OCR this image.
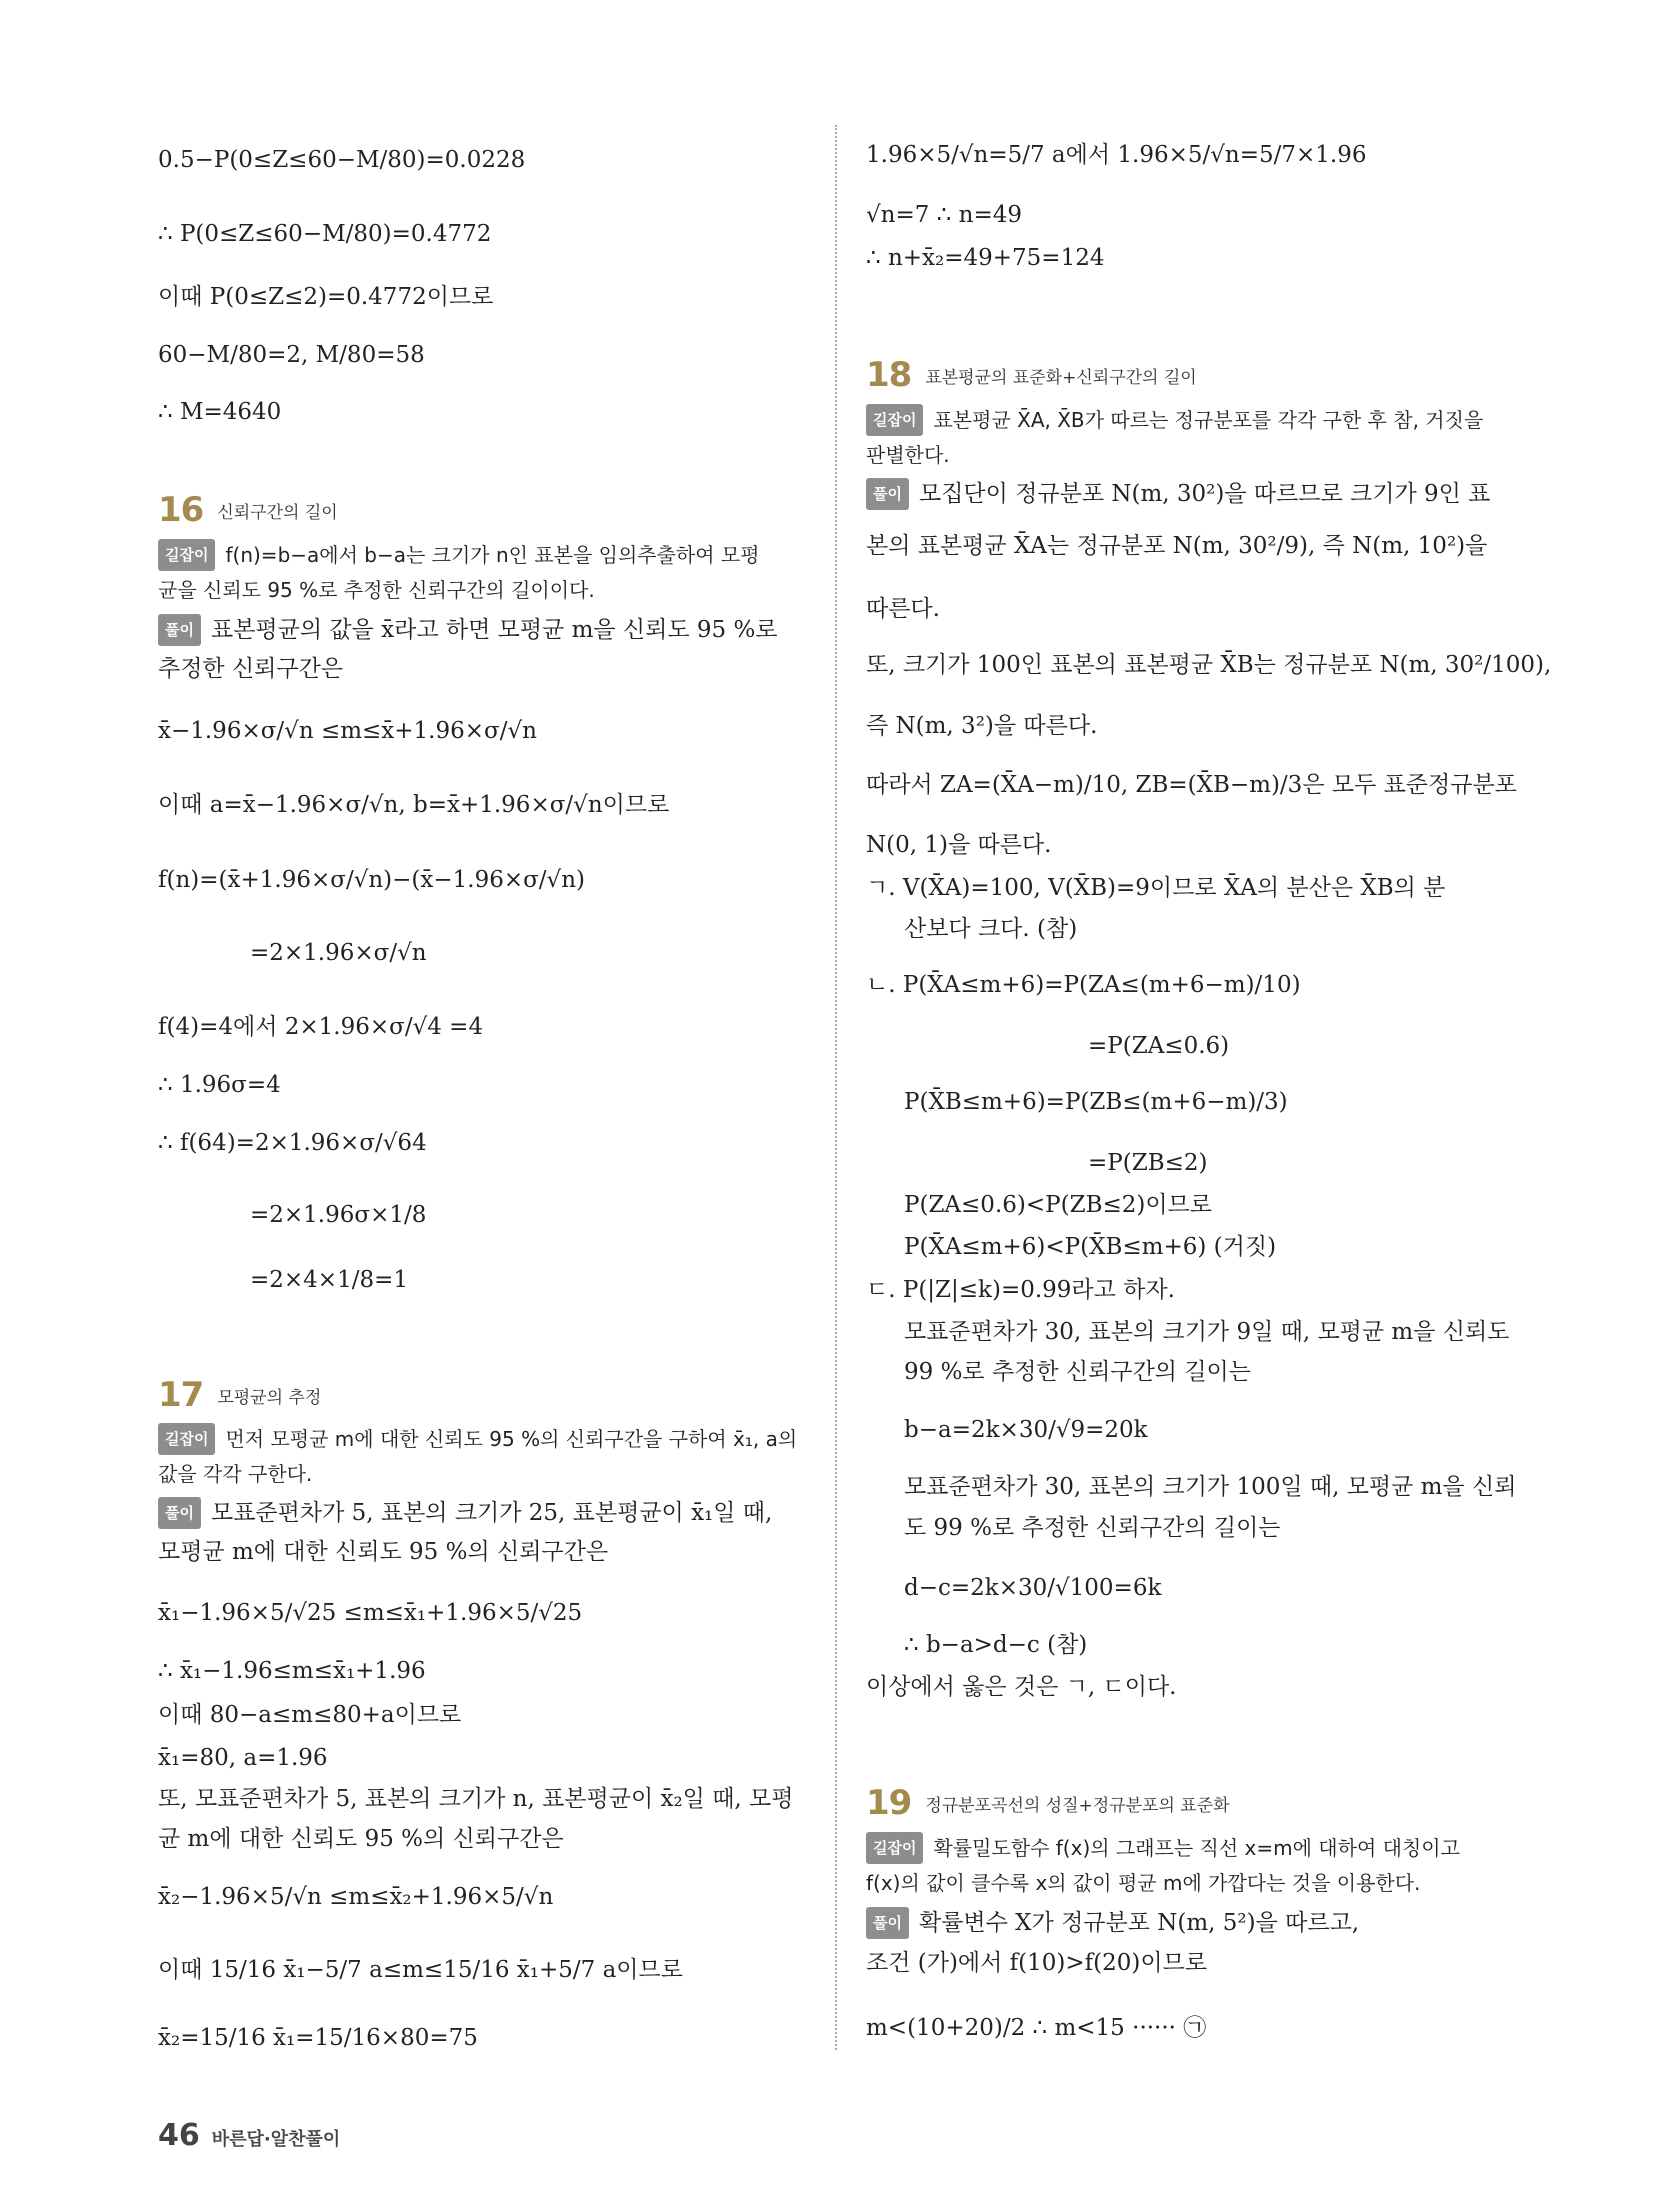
0.5−P(0≤Z≤60−M/80)=0.0228
∴ P(0≤Z≤60−M/80)=0.4772
이때 P(0≤Z≤2)=0.4772이므로
60−M/80=2, M/80=58
∴ M=4640
16 신뢰구간의 길이
길잡이 f(n)=b−a에서 b−a는 크기가 n인 표본을 임의추출하여 모평
균을 신뢰도 95 %로 추정한 신뢰구간의 길이이다.
풀이 표본평균의 값을 x̄라고 하면 모평균 m을 신뢰도 95 %로
추정한 신뢰구간은
x̄−1.96×σ/√n ≤m≤x̄+1.96×σ/√n
이때 a=x̄−1.96×σ/√n, b=x̄+1.96×σ/√n이므로
f(n)=(x̄+1.96×σ/√n)−(x̄−1.96×σ/√n)
=2×1.96×σ/√n
f(4)=4에서 2×1.96×σ/√4 =4
∴ 1.96σ=4
∴ f(64)=2×1.96×σ/√64
=2×1.96σ×1/8
=2×4×1/8=1
17 모평균의 추정
길잡이 먼저 모평균 m에 대한 신뢰도 95 %의 신뢰구간을 구하여 x̄₁, a의
값을 각각 구한다.
풀이 모표준편차가 5, 표본의 크기가 25, 표본평균이 x̄₁일 때,
모평균 m에 대한 신뢰도 95 %의 신뢰구간은
x̄₁−1.96×5/√25 ≤m≤x̄₁+1.96×5/√25
∴ x̄₁−1.96≤m≤x̄₁+1.96
이때 80−a≤m≤80+a이므로
x̄₁=80, a=1.96
또, 모표준편차가 5, 표본의 크기가 n, 표본평균이 x̄₂일 때, 모평
균 m에 대한 신뢰도 95 %의 신뢰구간은
x̄₂−1.96×5/√n ≤m≤x̄₂+1.96×5/√n
이때 15/16 x̄₁−5/7 a≤m≤15/16 x̄₁+5/7 a이므로
x̄₂=15/16 x̄₁=15/16×80=75
1.96×5/√n=5/7 a에서 1.96×5/√n=5/7×1.96
√n=7 ∴ n=49
∴ n+x̄₂=49+75=124
18 표본평균의 표준화+신뢰구간의 길이
길잡이 표본평균 X̄A, X̄B가 따르는 정규분포를 각각 구한 후 참, 거짓을
판별한다.
풀이 모집단이 정규분포 N(m, 30²)을 따르므로 크기가 9인 표
본의 표본평균 X̄A는 정규분포 N(m, 30²/9), 즉 N(m, 10²)을
따른다.
또, 크기가 100인 표본의 표본평균 X̄B는 정규분포 N(m, 30²/100),
즉 N(m, 3²)을 따른다.
따라서 ZA=(X̄A−m)/10, ZB=(X̄B−m)/3은 모두 표준정규분포
N(0, 1)을 따른다.
ㄱ. V(X̄A)=100, V(X̄B)=9이므로 X̄A의 분산은 X̄B의 분
산보다 크다. (참)
ㄴ. P(X̄A≤m+6)=P(ZA≤(m+6−m)/10)
=P(ZA≤0.6)
P(X̄B≤m+6)=P(ZB≤(m+6−m)/3)
=P(ZB≤2)
P(ZA≤0.6)<P(ZB≤2)이므로
P(X̄A≤m+6)<P(X̄B≤m+6) (거짓)
ㄷ. P(|Z|≤k)=0.99라고 하자.
모표준편차가 30, 표본의 크기가 9일 때, 모평균 m을 신뢰도
99 %로 추정한 신뢰구간의 길이는
b−a=2k×30/√9=20k
모표준편차가 30, 표본의 크기가 100일 때, 모평균 m을 신뢰
도 99 %로 추정한 신뢰구간의 길이는
d−c=2k×30/√100=6k
∴ b−a>d−c (참)
이상에서 옳은 것은 ㄱ, ㄷ이다.
19 정규분포곡선의 성질+정규분포의 표준화
길잡이 확률밀도함수 f(x)의 그래프는 직선 x=m에 대하여 대칭이고
f(x)의 값이 클수록 x의 값이 평균 m에 가깝다는 것을 이용한다.
풀이 확률변수 X가 정규분포 N(m, 5²)을 따르고,
조건 (가)에서 f(10)>f(20)이므로
m<(10+20)/2 ∴ m<15 ······ ㉠
46 바른답·알찬풀이
